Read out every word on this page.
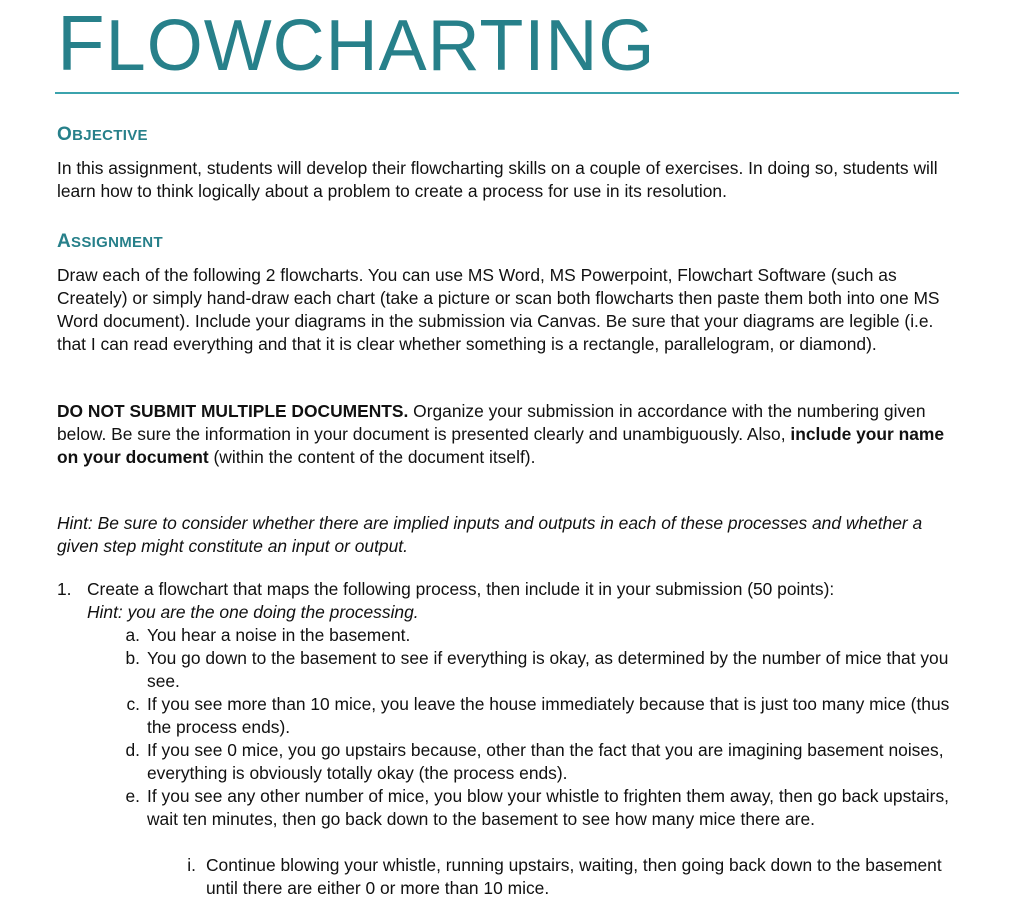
FLOWCHARTING
OBJECTIVE

In this assignment, students will develop their flowcharting skills on a couple of exercises. In doing so, students will learn how to think logically about a problem to create a process for use in its resolution.

ASSIGNMENT

Draw each of the following 2 flowcharts. You can use MS Word, MS Powerpoint, Flowchart Software (such as Creately) or simply hand-draw each chart (take a picture or scan both flowcharts then paste them both into one MS Word document). Include your diagrams in the submission via Canvas. Be sure that your diagrams are legible (i.e. that I can read everything and that it is clear whether something is a rectangle, parallelogram, or diamond).

DO NOT SUBMIT MULTIPLE DOCUMENTS. Organize your submission in accordance with the numbering given below. Be sure the information in your document is presented clearly and unambiguously. Also, include your name on your document (within the content of the document itself).

Hint: Be sure to consider whether there are implied inputs and outputs in each of these processes and whether a given step might constitute an input or output.

1. Create a flowchart that maps the following process, then include it in your submission (50 points):
Hint: you are the one doing the processing.

a. You hear a noise in the basement.

b. You go down to the basement to see if everything is okay, as determined by the number of mice that you see.

c. If you see more than 10 mice, you leave the house immediately because that is just too many mice (thus the process ends).

d. If you see 0 mice, you go upstairs because, other than the fact that you are imagining basement noises, everything is obviously totally okay (the process ends).

e. If you see any other number of mice, you blow your whistle to frighten them away, then go back upstairs, wait ten minutes, then go back down to the basement to see how many mice there are.

i. Continue blowing your whistle, running upstairs, waiting, then going back down to the basement until there are either 0 or more than 10 mice.
